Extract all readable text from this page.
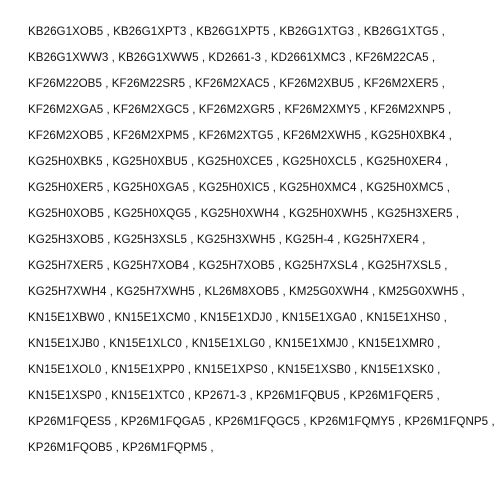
KB26G1XOB5 , KB26G1XPT3 , KB26G1XPT5 , KB26G1XTG3 , KB26G1XTG5 ,
KB26G1XWW3 , KB26G1XWW5 , KD2661-3 , KD2661XMC3 , KF26M22CA5 ,
KF26M22OB5 , KF26M22SR5 , KF26M2XAC5 , KF26M2XBU5 , KF26M2XER5 ,
KF26M2XGA5 , KF26M2XGC5 , KF26M2XGR5 , KF26M2XMY5 , KF26M2XNP5 ,
KF26M2XOB5 , KF26M2XPM5 , KF26M2XTG5 , KF26M2XWH5 , KG25H0XBK4 ,
KG25H0XBK5 , KG25H0XBU5 , KG25H0XCE5 , KG25H0XCL5 , KG25H0XER4 ,
KG25H0XER5 , KG25H0XGA5 , KG25H0XIC5 , KG25H0XMC4 , KG25H0XMC5 ,
KG25H0XOB5 , KG25H0XQG5 , KG25H0XWH4 , KG25H0XWH5 , KG25H3XER5 ,
KG25H3XOB5 , KG25H3XSL5 , KG25H3XWH5 , KG25H-4 , KG25H7XER4 ,
KG25H7XER5 , KG25H7XOB4 , KG25H7XOB5 , KG25H7XSL4 , KG25H7XSL5 ,
KG25H7XWH4 , KG25H7XWH5 , KL26M8XOB5 , KM25G0XWH4 , KM25G0XWH5 ,
KN15E1XBW0 , KN15E1XCM0 , KN15E1XDJ0 , KN15E1XGA0 , KN15E1XHS0 ,
KN15E1XJB0 , KN15E1XLC0 , KN15E1XLG0 , KN15E1XMJ0 , KN15E1XMR0 ,
KN15E1XOL0 , KN15E1XPP0 , KN15E1XPS0 , KN15E1XSB0 , KN15E1XSK0 ,
KN15E1XSP0 , KN15E1XTC0 , KP2671-3 , KP26M1FQBU5 , KP26M1FQER5 ,
KP26M1FQES5 , KP26M1FQGA5 , KP26M1FQGC5 , KP26M1FQMY5 , KP26M1FQNP5 ,
KP26M1FQOB5 , KP26M1FQPM5 ,
